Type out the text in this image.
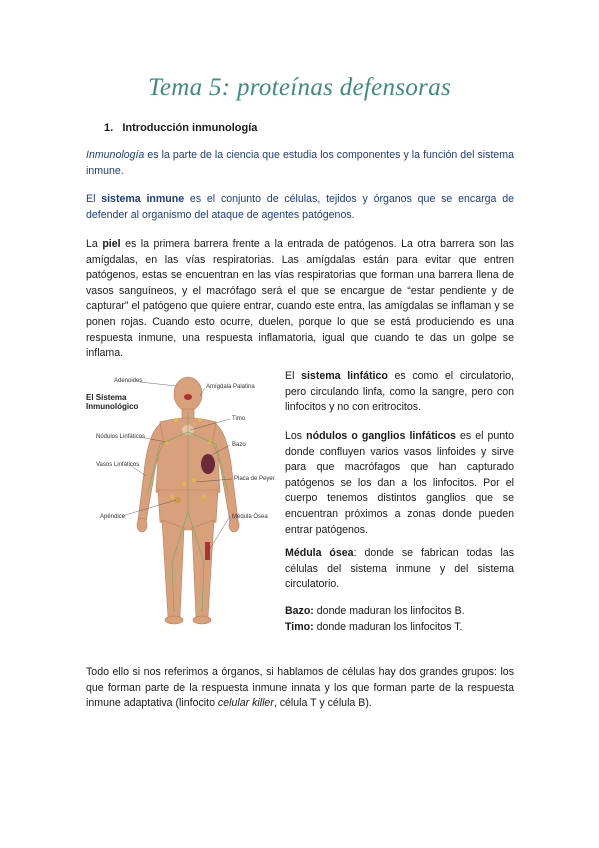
Tema 5: proteínas defensoras
1. Introducción inmunología
Inmunología es la parte de la ciencia que estudia los componentes y la función del sistema inmune.
El sistema inmune es el conjunto de células, tejidos y órganos que se encarga de defender al organismo del ataque de agentes patógenos.
La piel es la primera barrera frente a la entrada de patógenos. La otra barrera son las amígdalas, en las vías respiratorias. Las amígdalas están para evitar que entren patógenos, estas se encuentran en las vías respiratorias que forman una barrera llena de vasos sanguíneos, y el macrófago será el que se encargue de “estar pendiente y de capturar” el patógeno que quiere entrar, cuando este entra, las amígdalas se inflaman y se ponen rojas. Cuando esto ocurre, duelen, porque lo que se está produciendo es una respuesta inmune, una respuesta inflamatoria, igual que cuando te das un golpe se inflama.
El Sistema
Inmunológico
Adenoides
Amígdala Palatina
Timo
Nódulos Linfáticos
Bazo
Vasos Linfáticos
Placa de Peyer
Apéndice	Médula Ósea
El sistema linfático es como el circulatorio, pero circulando linfa, como la sangre, pero con linfocitos y no con eritrocitos.
Los nódulos o ganglios linfáticos es el punto donde confluyen varios vasos linfoides y sirve para que macrófagos que han capturado patógenos se los dan a los linfocitos. Por el cuerpo tenemos distintos ganglios que se encuentran próximos a zonas donde pueden entrar patógenos.
Médula ósea: donde se fabrican todas las células del sistema inmune y del sistema circulatorio.
Bazo: donde maduran los linfocitos B.
Timo: donde maduran los linfocitos T.
Todo ello si nos referimos a órganos, si hablamos de células hay dos grandes grupos: los que forman parte de la respuesta inmune innata y los que forman parte de la respuesta inmune adaptativa (linfocito celular killer, célula T y célula B).
